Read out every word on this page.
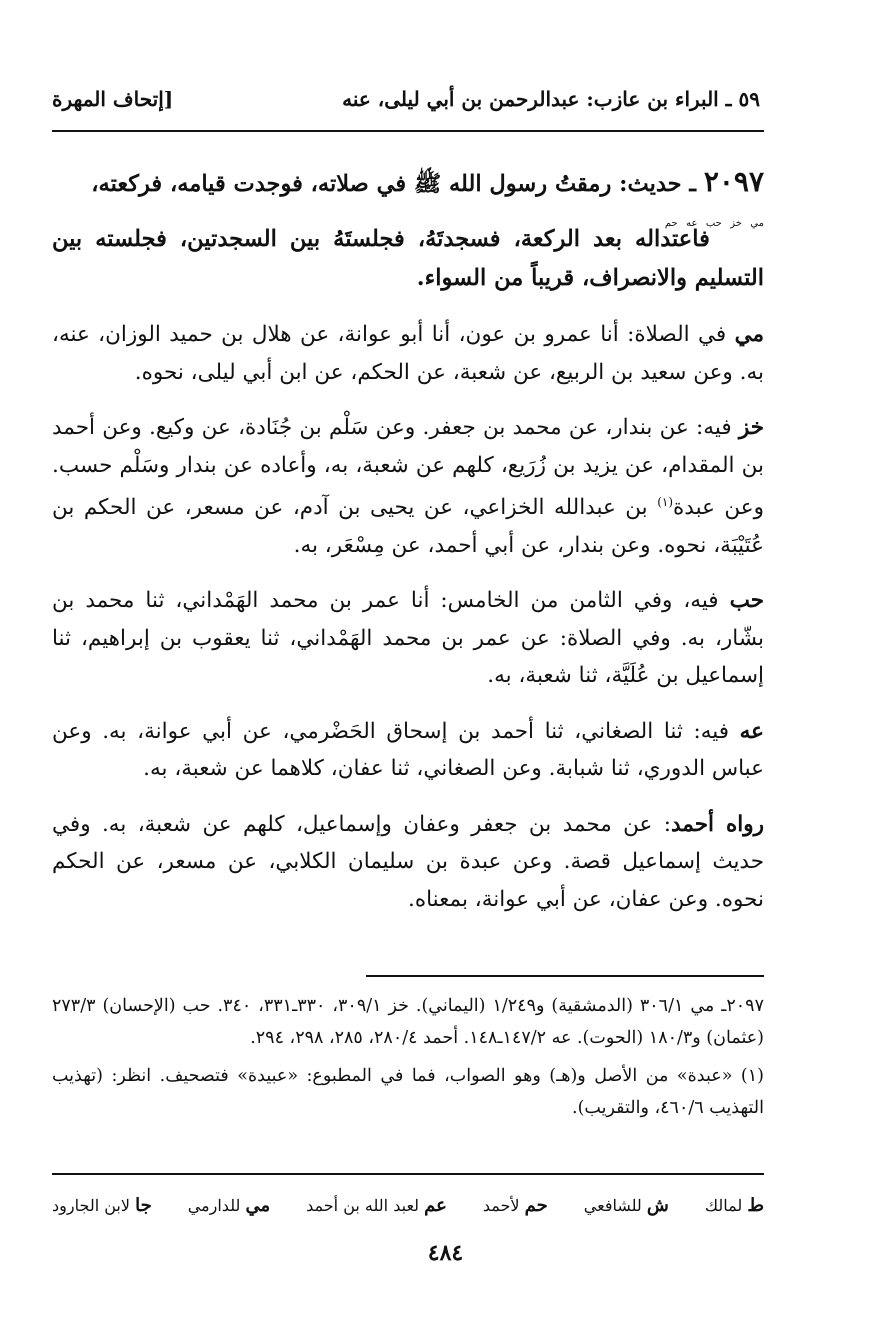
٥٩ ـ البراء بن عازب: عبدالرحمن بن أبي ليلى، عنه
[إتحاف المهرة

٢٠٩٧ ـ حديث: رمقتُ رسول الله ﷺ في صلاته، فوجدت قيامه، فركعته،
$^{مي خز حب عه حم}$ فاعتداله بعد الركعة، فسجدتَهُ، فجلستَهُ بين السجدتين، فجلسته بين التسليم والانصراف، قريباً من السواء.

مي في الصلاة: أنا عمرو بن عون، أنا أبو عوانة، عن هلال بن حميد الوزان، عنه، به. وعن سعيد بن الربيع، عن شعبة، عن الحكم، عن ابن أبي ليلى، نحوه.

خز فيه: عن بندار، عن محمد بن جعفر. وعن سَلْم بن جُنَادة، عن وكيع. وعن أحمد بن المقدام، عن يزيد بن زُرَيع، كلهم عن شعبة، به، وأعاده عن بندار وسَلْم حسب. وعن عبدة$^{(١)}$ بن عبدالله الخزاعي، عن يحيى بن آدم، عن مسعر، عن الحكم بن عُتَيْبَة، نحوه. وعن بندار، عن أبي أحمد، عن مِسْعَر، به.

حب فيه، وفي الثامن من الخامس: أنا عمر بن محمد الهَمْداني، ثنا محمد بن بشّار، به. وفي الصلاة: عن عمر بن محمد الهَمْداني، ثنا يعقوب بن إبراهيم، ثنا إسماعيل بن عُلَيَّة، ثنا شعبة، به.

عه فيه: ثنا الصغاني، ثنا أحمد بن إسحاق الحَضْرمي، عن أبي عوانة، به. وعن عباس الدوري، ثنا شبابة. وعن الصغاني، ثنا عفان، كلاهما عن شعبة، به.

رواه أحمد: عن محمد بن جعفر وعفان وإسماعيل، كلهم عن شعبة، به. وفي حديث إسماعيل قصة. وعن عبدة بن سليمان الكلابي، عن مسعر، عن الحكم نحوه. وعن عفان، عن أبي عوانة، بمعناه.

٢٠٩٧ـ مي ٣٠٦/١ (الدمشقية) و١/٢٤٩ (اليماني). خز ٣٠٩/١، ٣٣٠ـ٣٣١، ٣٤٠. حب (الإحسان) ٢٧٣/٣ (عثمان) و١٨٠/٣ (الحوت). عه ١٤٧/٢ـ١٤٨. أحمد ٢٨٠/٤، ٢٨٥، ٢٩٨، ٢٩٤.

(١) «عبدة» من الأصل و(هـ) وهو الصواب، فما في المطبوع: «عبيدة» فتصحيف. انظر: (تهذيب التهذيب ٤٦٠/٦، والتقريب).

ط لمالك
ش للشافعي
حم لأحمد
عم لعبد الله بن أحمد
مي للدارمي
جا لابن الجارود
٤٨٤
